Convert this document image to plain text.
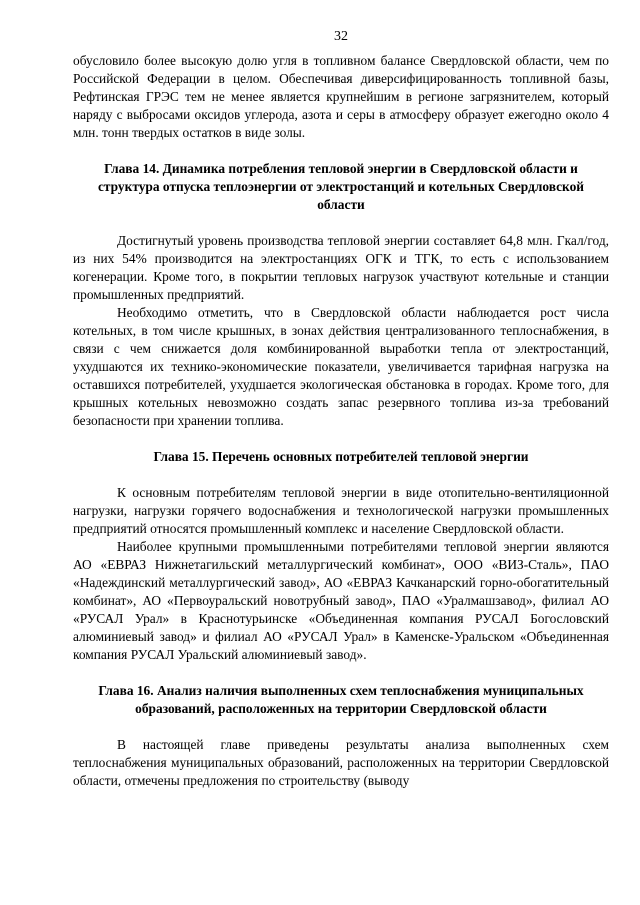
32

обусловило более высокую долю угля в топливном балансе Свердловской области, чем по Российской Федерации в целом. Обеспечивая диверсифицированность топливной базы, Рефтинская ГРЭС тем не менее является крупнейшим в регионе загрязнителем, который наряду с выбросами оксидов углерода, азота и серы в атмосферу образует ежегодно около 4 млн. тонн твердых остатков в виде золы.

Глава 14. Динамика потребления тепловой энергии в Свердловской области и структура отпуска теплоэнергии от электростанций и котельных Свердловской области

Достигнутый уровень производства тепловой энергии составляет 64,8 млн. Гкал/год, из них 54% производится на электростанциях ОГК и ТГК, то есть с использованием когенерации. Кроме того, в покрытии тепловых нагрузок участвуют котельные и станции промышленных предприятий.

Необходимо отметить, что в Свердловской области наблюдается рост числа котельных, в том числе крышных, в зонах действия централизованного теплоснабжения, в связи с чем снижается доля комбинированной выработки тепла от электростанций, ухудшаются их технико-экономические показатели, увеличивается тарифная нагрузка на оставшихся потребителей, ухудшается экологическая обстановка в городах. Кроме того, для крышных котельных невозможно создать запас резервного топлива из-за требований безопасности при хранении топлива.

Глава 15. Перечень основных потребителей тепловой энергии

К основным потребителям тепловой энергии в виде отопительно-вентиляционной нагрузки, нагрузки горячего водоснабжения и технологической нагрузки промышленных предприятий относятся промышленный комплекс и население Свердловской области.

Наиболее крупными промышленными потребителями тепловой энергии являются АО «ЕВРАЗ Нижнетагильский металлургический комбинат», ООО «ВИЗ-Сталь», ПАО «Надеждинский металлургический завод», АО «ЕВРАЗ Качканарский горно-обогатительный комбинат», АО «Первоуральский новотрубный завод», ПАО «Уралмашзавод», филиал АО «РУСАЛ Урал» в Краснотурьинске «Объединенная компания РУСАЛ Богословский алюминиевый завод» и филиал АО «РУСАЛ Урал» в Каменске-Уральском «Объединенная компания РУСАЛ Уральский алюминиевый завод».

Глава 16. Анализ наличия выполненных схем теплоснабжения муниципальных образований, расположенных на территории Свердловской области

В настоящей главе приведены результаты анализа выполненных схем теплоснабжения муниципальных образований, расположенных на территории Свердловской области, отмечены предложения по строительству (выводу
